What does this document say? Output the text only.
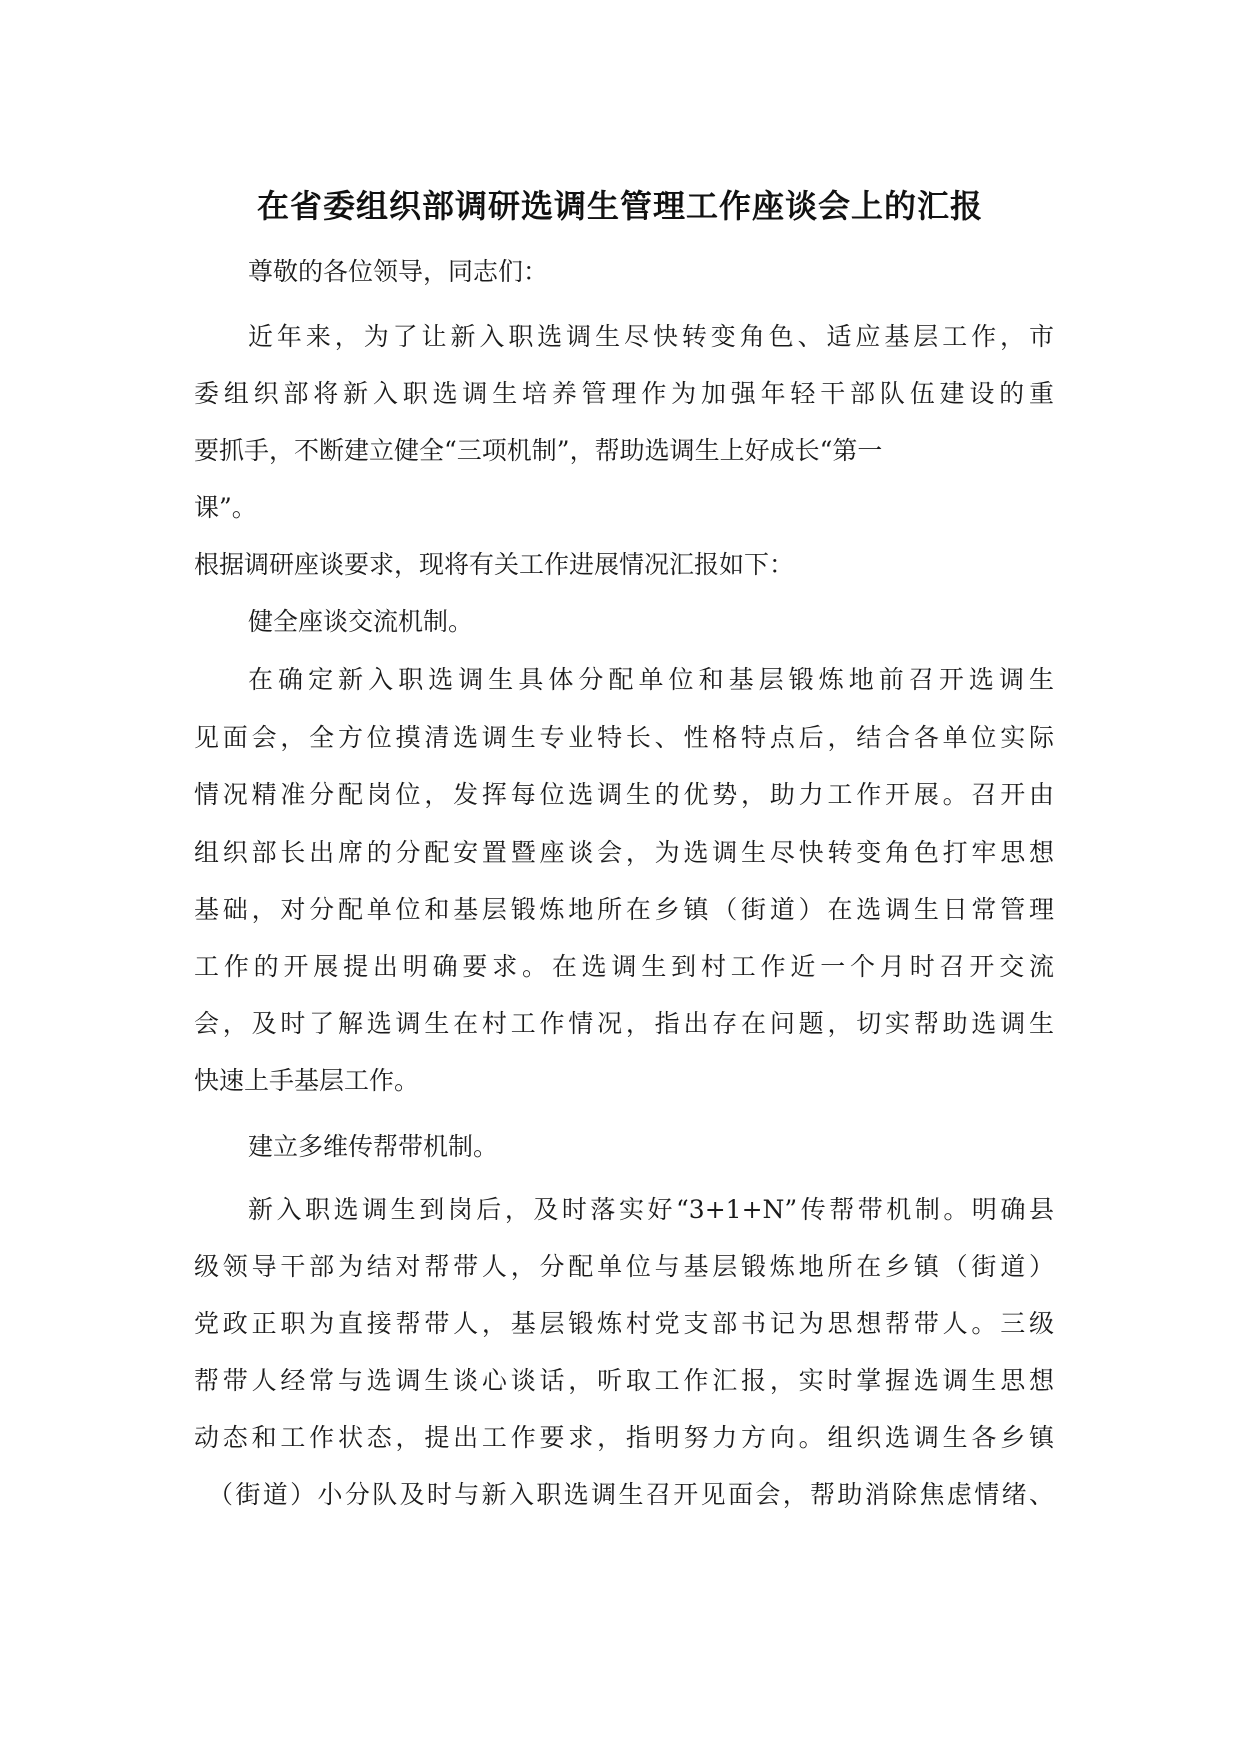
在省委组织部调研选调生管理工作座谈会上的汇报
尊敬的各位领导，同志们：
近年来，为了让新入职选调生尽快转变角色、适应基层工作，市
委组织部将新入职选调生培养管理作为加强年轻干部队伍建设的重
要抓手，不断建立健全“三项机制”，帮助选调生上好成长“第一
课”。
根据调研座谈要求，现将有关工作进展情况汇报如下：
健全座谈交流机制。
在确定新入职选调生具体分配单位和基层锻炼地前召开选调生
见面会，全方位摸清选调生专业特长、性格特点后，结合各单位实际
情况精准分配岗位，发挥每位选调生的优势，助力工作开展。召开由
组织部长出席的分配安置暨座谈会，为选调生尽快转变角色打牢思想
基础，对分配单位和基层锻炼地所在乡镇（街道）在选调生日常管理
工作的开展提出明确要求。在选调生到村工作近一个月时召开交流
会，及时了解选调生在村工作情况，指出存在问题，切实帮助选调生
快速上手基层工作。
建立多维传帮带机制。
新入职选调生到岗后，及时落实好“3+1+N”传帮带机制。明确县
级领导干部为结对帮带人，分配单位与基层锻炼地所在乡镇（街道）
党政正职为直接帮带人，基层锻炼村党支部书记为思想帮带人。三级
帮带人经常与选调生谈心谈话，听取工作汇报，实时掌握选调生思想
动态和工作状态，提出工作要求，指明努力方向。组织选调生各乡镇
（街道）小分队及时与新入职选调生召开见面会，帮助消除焦虑情绪、
